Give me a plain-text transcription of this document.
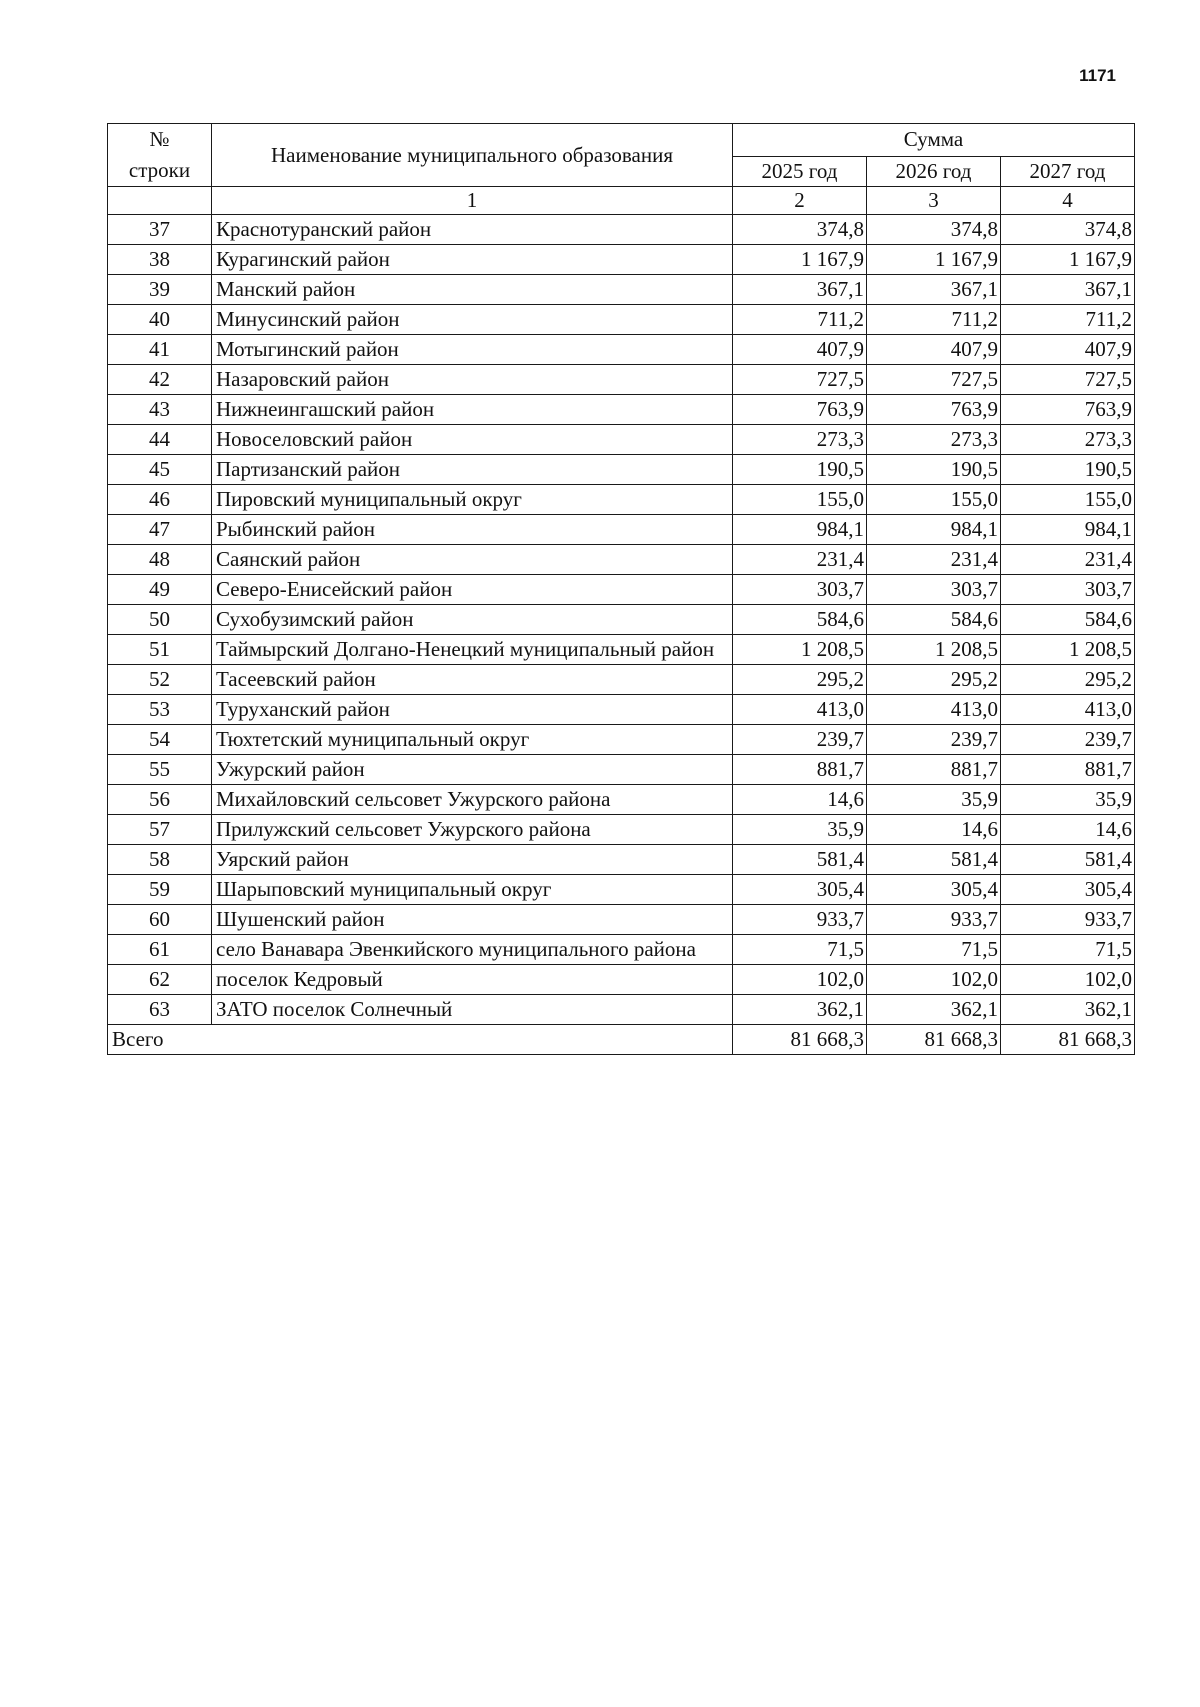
1171
№
строки	Наименование муниципального образования	Сумма		
		2025 год	2026 год	2027 год
	1	2	3	4
37	Краснотуранский район	374,8	374,8	374,8
38	Курагинский район	1 167,9	1 167,9	1 167,9
39	Манский район	367,1	367,1	367,1
40	Минусинский район	711,2	711,2	711,2
41	Мотыгинский район	407,9	407,9	407,9
42	Назаровский район	727,5	727,5	727,5
43	Нижнеингашский район	763,9	763,9	763,9
44	Новоселовский район	273,3	273,3	273,3
45	Партизанский район	190,5	190,5	190,5
46	Пировский муниципальный округ	155,0	155,0	155,0
47	Рыбинский район	984,1	984,1	984,1
48	Саянский район	231,4	231,4	231,4
49	Северо-Енисейский район	303,7	303,7	303,7
50	Сухобузимский район	584,6	584,6	584,6
51	Таймырский Долгано-Ненецкий муниципальный район	1 208,5	1 208,5	1 208,5
52	Тасеевский район	295,2	295,2	295,2
53	Туруханский район	413,0	413,0	413,0
54	Тюхтетский муниципальный округ	239,7	239,7	239,7
55	Ужурский район	881,7	881,7	881,7
56	Михайловский сельсовет Ужурского района	14,6	35,9	35,9
57	Прилужский сельсовет Ужурского района	35,9	14,6	14,6
58	Уярский район	581,4	581,4	581,4
59	Шарыповский муниципальный округ	305,4	305,4	305,4
60	Шушенский район	933,7	933,7	933,7
61	село Ванавара Эвенкийского муниципального района	71,5	71,5	71,5
62	поселок Кедровый	102,0	102,0	102,0
63	ЗАТО поселок Солнечный	362,1	362,1	362,1
Всего		81 668,3	81 668,3	81 668,3
